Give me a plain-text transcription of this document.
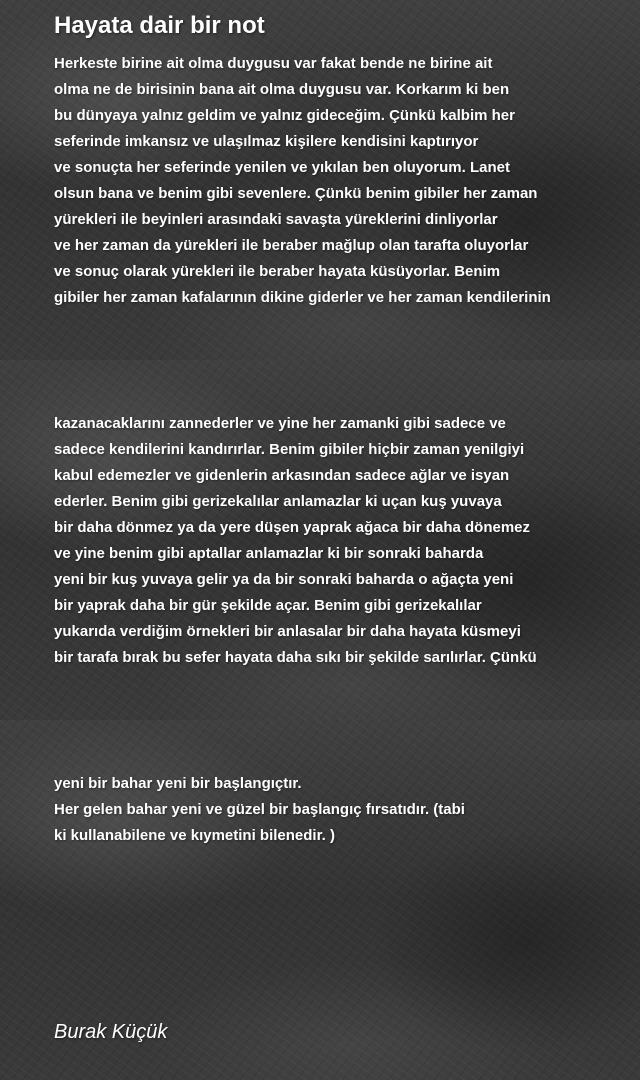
Hayata dair bir not
Herkeste birine ait olma duygusu var fakat bende ne birine ait
olma ne de birisinin bana ait olma duygusu var. Korkarım ki ben
bu dünyaya yalnız geldim ve yalnız gideceğim. Çünkü kalbim her
seferinde imkansız ve ulaşılmaz kişilere kendisini kaptırıyor
ve sonuçta her seferinde yenilen ve yıkılan ben oluyorum. Lanet
olsun bana ve benim gibi sevenlere. Çünkü benim gibiler her zaman
yürekleri ile beyinleri arasındaki savaşta yüreklerini dinliyorlar
ve her zaman da yürekleri ile beraber mağlup olan tarafta oluyorlar
ve sonuç olarak yürekleri ile beraber hayata küsüyorlar. Benim
gibiler her zaman kafalarının dikine giderler ve her zaman kendilerinin
kazanacaklarını zannederler ve yine her zamanki gibi sadece ve
sadece kendilerini kandırırlar. Benim gibiler hiçbir zaman yenilgiyi
kabul edemezler ve gidenlerin arkasından sadece ağlar ve isyan
ederler. Benim gibi gerizekalılar anlamazlar ki uçan kuş yuvaya
bir daha dönmez ya da yere düşen yaprak ağaca bir daha dönemez
ve yine benim gibi aptallar anlamazlar ki bir sonraki baharda
yeni bir kuş yuvaya gelir ya da bir sonraki baharda o ağaçta yeni
bir yaprak daha bir gür şekilde açar. Benim gibi gerizekalılar
yukarıda verdiğim örnekleri bir anlasalar bir daha hayata küsmeyi
bir tarafa bırak bu sefer hayata daha sıkı bir şekilde sarılırlar. Çünkü
yeni bir bahar yeni bir başlangıçtır.
Her gelen bahar yeni ve güzel bir başlangıç fırsatıdır. (tabi
ki kullanabilene ve kıymetini bilenedir. )
Burak Küçük
